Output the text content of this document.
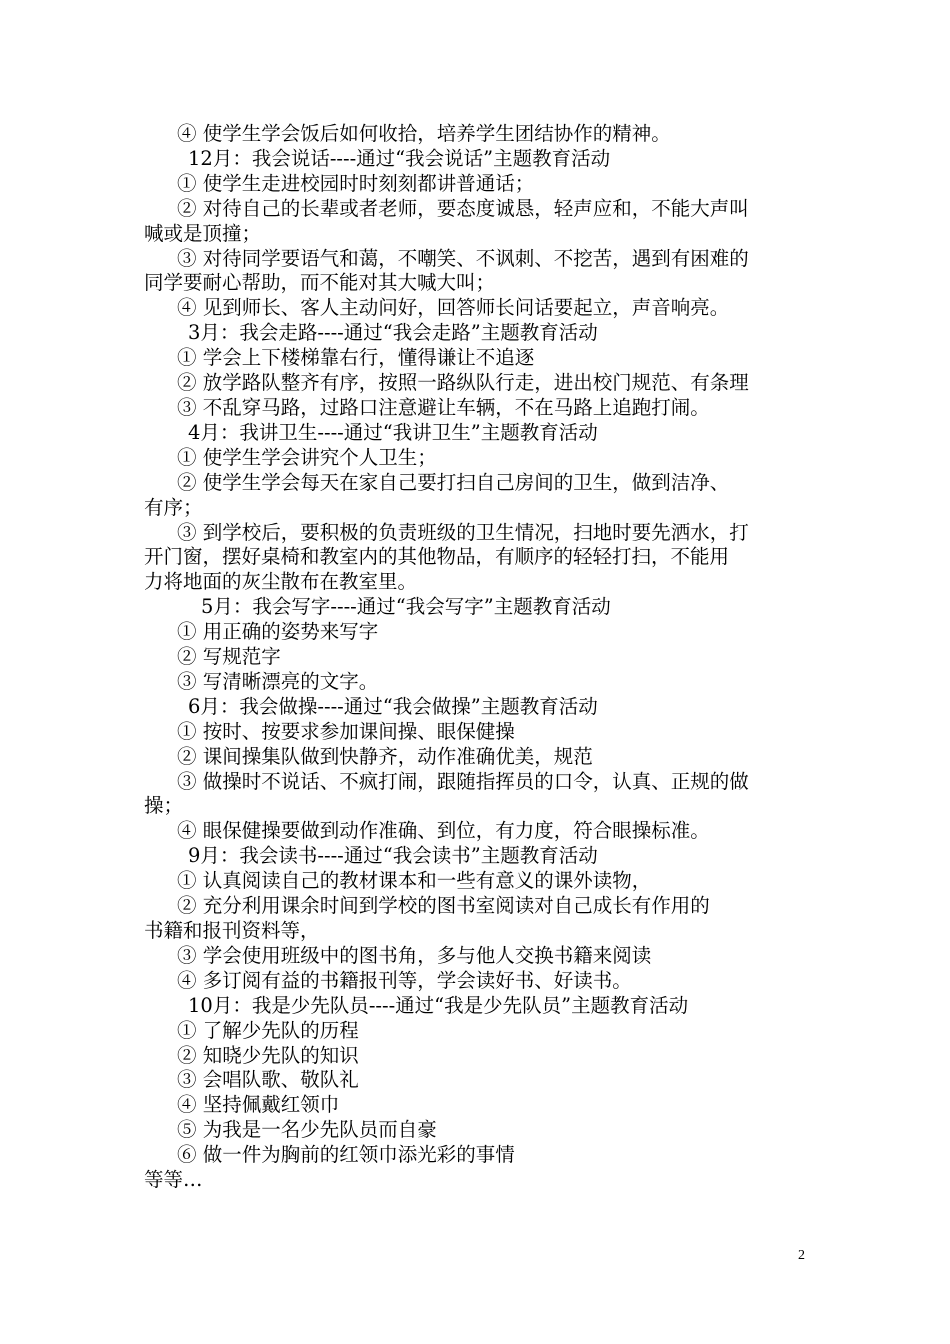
④ 使学生学会饭后如何收拾，培养学生团结协作的精神。
12月：我会说话----通过“我会说话”主题教育活动
① 使学生走进校园时时刻刻都讲普通话；
② 对待自己的长辈或者老师，要态度诚恳，轻声应和，不能大声叫
喊或是顶撞；
③ 对待同学要语气和蔼，不嘲笑、不讽刺、不挖苦，遇到有困难的
同学要耐心帮助，而不能对其大喊大叫；
④ 见到师长、客人主动问好，回答师长问话要起立，声音响亮。
3月：我会走路----通过“我会走路”主题教育活动
① 学会上下楼梯靠右行，懂得谦让不追逐
② 放学路队整齐有序，按照一路纵队行走，进出校门规范、有条理
③ 不乱穿马路，过路口注意避让车辆，不在马路上追跑打闹。
4月：我讲卫生----通过“我讲卫生”主题教育活动
① 使学生学会讲究个人卫生；
② 使学生学会每天在家自己要打扫自己房间的卫生，做到洁净、
有序；
③ 到学校后，要积极的负责班级的卫生情况，扫地时要先洒水，打
开门窗，摆好桌椅和教室内的其他物品，有顺序的轻轻打扫，不能用
力将地面的灰尘散布在教室里。
5月：我会写字----通过“我会写字”主题教育活动
① 用正确的姿势来写字
② 写规范字
③ 写清晰漂亮的文字。
6月：我会做操----通过“我会做操”主题教育活动
① 按时、按要求参加课间操、眼保健操
② 课间操集队做到快静齐，动作准确优美，规范
③ 做操时不说话、不疯打闹，跟随指挥员的口令，认真、正规的做
操；
④ 眼保健操要做到动作准确、到位，有力度，符合眼操标准。
9月：我会读书----通过“我会读书”主题教育活动
① 认真阅读自己的教材课本和一些有意义的课外读物，
② 充分利用课余时间到学校的图书室阅读对自己成长有作用的
书籍和报刊资料等，
③ 学会使用班级中的图书角，多与他人交换书籍来阅读
④ 多订阅有益的书籍报刊等，学会读好书、好读书。
10月：我是少先队员----通过“我是少先队员”主题教育活动
① 了解少先队的历程
② 知晓少先队的知识
③ 会唱队歌、敬队礼
④ 坚持佩戴红领巾
⑤ 为我是一名少先队员而自豪
⑥ 做一件为胸前的红领巾添光彩的事情
等等…
2
